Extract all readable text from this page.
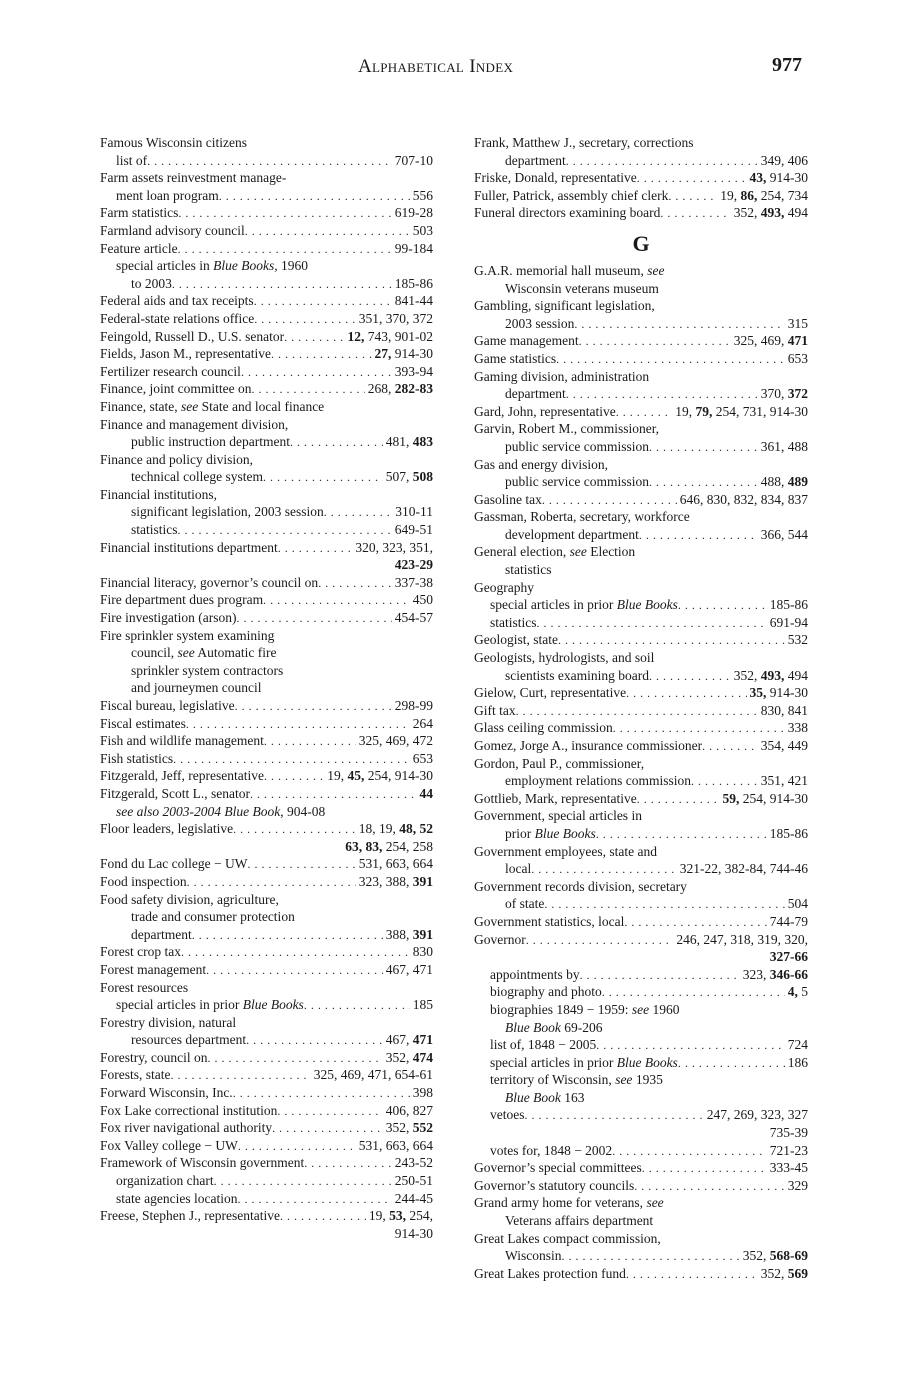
Alphabetical Index	977
Famous Wisconsin citizens
list of . . .	707-10
Farm assets reinvestment manage-
ment loan program . . .	556
Farm statistics . . .	619-28
Farmland advisory council . . .	503
Feature article . . .	99-184
special articles in Blue Books, 1960
to 2003 . . .	185-86
Federal aids and tax receipts . . .	841-44
Federal-state relations office . . .	351, 370, 372
Feingold, Russell D., U.S. senator . . .	12, 743, 901-02
Fields, Jason M., representative . . .	27, 914-30
Fertilizer research council . . .	393-94
Finance, joint committee on . . .	268, 282-83
Finance, state, see State and local finance
Finance and management division,
public instruction department . . .	481, 483
Finance and policy division,
technical college system . . .	507, 508
Financial institutions,
significant legislation, 2003 session . . .	310-11
statistics . . .	649-51
Financial institutions department . . .	320, 323, 351,
423-29
Financial literacy, governor’s council on . . .	337-38
Fire department dues program . . .	450
Fire investigation (arson) . . .	454-57
Fire sprinkler system examining
council, see Automatic fire
sprinkler system contractors
and journeymen council
Fiscal bureau, legislative . . .	298-99
Fiscal estimates . . .	264
Fish and wildlife management . . .	325, 469, 472
Fish statistics . . .	653
Fitzgerald, Jeff, representative . . .	19, 45, 254, 914-30
Fitzgerald, Scott L., senator . . .	44
see also 2003-2004 Blue Book, 904-08
Floor leaders, legislative . . .	18, 19, 48, 52
63, 83, 254, 258
Fond du Lac college − UW . . .	531, 663, 664
Food inspection . . .	323, 388, 391
Food safety division, agriculture,
trade and consumer protection
department . . .	388, 391
Forest crop tax . . .	830
Forest management . . .	467, 471
Forest resources
special articles in prior Blue Books . . .	185
Forestry division, natural
resources department . . .	467, 471
Forestry, council on . . .	352, 474
Forests, state . . .	325, 469, 471, 654-61
Forward Wisconsin, Inc. . . .	398
Fox Lake correctional institution . . .	406, 827
Fox river navigational authority . . .	352, 552
Fox Valley college − UW . . .	531, 663, 664
Framework of Wisconsin government . . .	243-52
organization chart . . .	250-51
state agencies location . . .	244-45
Freese, Stephen J., representative . . .	19, 53, 254,
914-30
Frank, Matthew J., secretary, corrections
department . . .	349, 406
Friske, Donald, representative . . .	43, 914-30
Fuller, Patrick, assembly chief clerk . . .	19, 86, 254, 734
Funeral directors examining board . . .	352, 493, 494
G
G.A.R. memorial hall museum, see
Wisconsin veterans museum
Gambling, significant legislation,
2003 session . . .	315
Game management . . .	325, 469, 471
Game statistics . . .	653
Gaming division, administration
department . . .	370, 372
Gard, John, representative . . .	19, 79, 254, 731, 914-30
Garvin, Robert M., commissioner,
public service commission . . .	361, 488
Gas and energy division,
public service commission . . .	488, 489
Gasoline tax . . .	646, 830, 832, 834, 837
Gassman, Roberta, secretary, workforce
development department . . .	366, 544
General election, see Election
statistics
Geography
special articles in prior Blue Books . . .	185-86
statistics . . .	691-94
Geologist, state . . .	532
Geologists, hydrologists, and soil
scientists examining board . . .	352, 493, 494
Gielow, Curt, representative . . .	35, 914-30
Gift tax . . .	830, 841
Glass ceiling commission . . .	338
Gomez, Jorge A., insurance commissioner . . .	354, 449
Gordon, Paul P., commissioner,
employment relations commission . . .	351, 421
Gottlieb, Mark, representative . . .	59, 254, 914-30
Government, special articles in
prior Blue Books . . .	185-86
Government employees, state and
local . . .	321-22, 382-84, 744-46
Government records division, secretary
of state . . .	504
Government statistics, local . . .	744-79
Governor . . .	246, 247, 318, 319, 320,
327-66
appointments by . . .	323, 346-66
biography and photo . . .	4, 5
biographies 1849 − 1959: see 1960
Blue Book 69-206
list of, 1848 − 2005 . . .	724
special articles in prior Blue Books . . .	186
territory of Wisconsin, see 1935
Blue Book 163
vetoes . . .	247, 269, 323, 327
735-39
votes for, 1848 − 2002 . . .	721-23
Governor’s special committees . . .	333-45
Governor’s statutory councils . . .	329
Grand army home for veterans, see
Veterans affairs department
Great Lakes compact commission,
Wisconsin . . .	352, 568-69
Great Lakes protection fund . . .	352, 569
